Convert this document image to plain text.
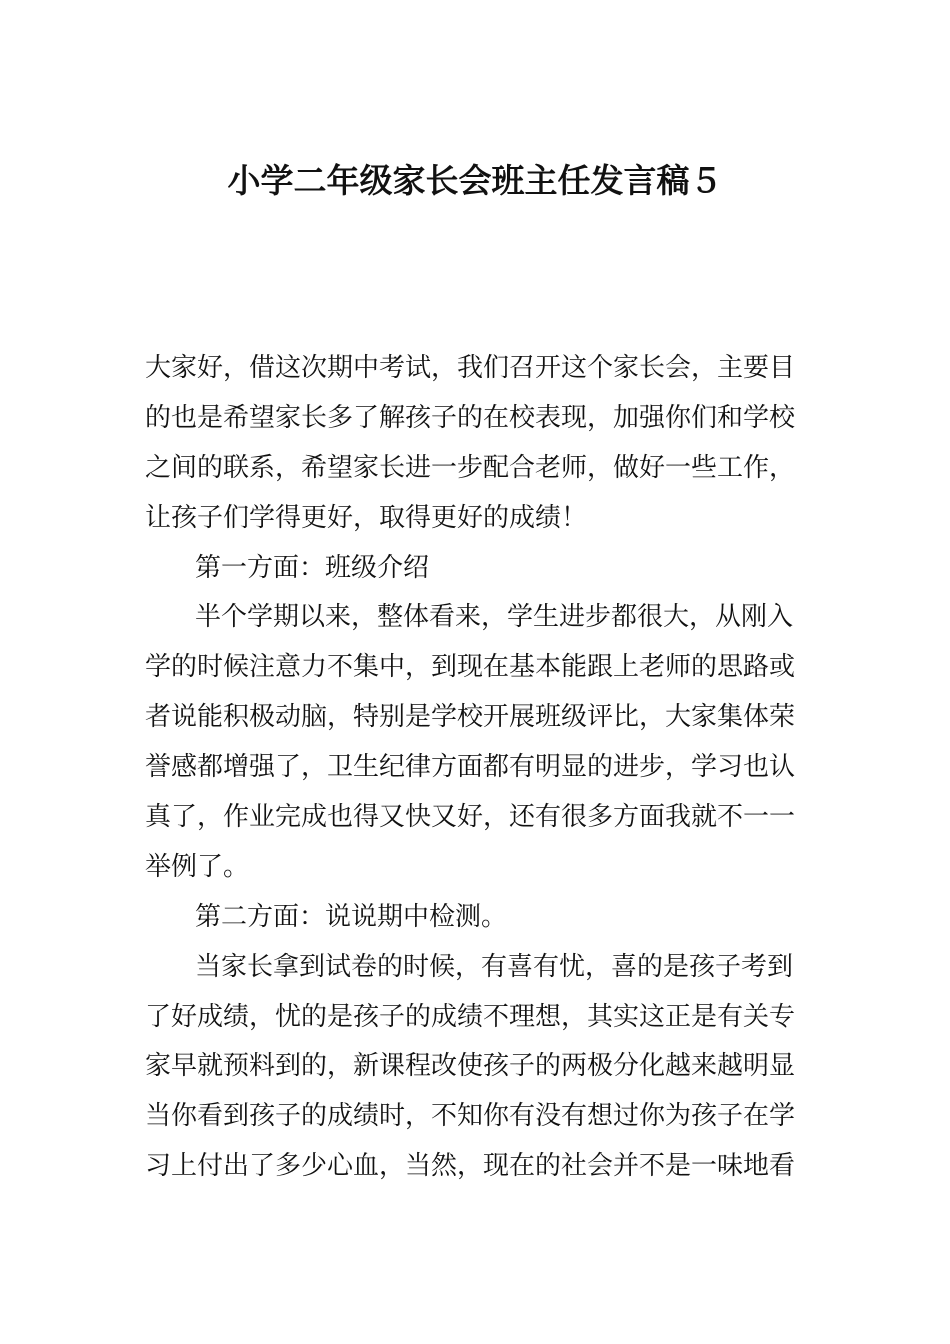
小学二年级家长会班主任发言稿５
大家好，借这次期中考试，我们召开这个家长会，主要目
的也是希望家长多了解孩子的在校表现，加强你们和学校
之间的联系，希望家长进一步配合老师，做好一些工作，
让孩子们学得更好，取得更好的成绩！
第一方面：班级介绍
半个学期以来，整体看来，学生进步都很大，从刚入
学的时候注意力不集中，到现在基本能跟上老师的思路或
者说能积极动脑，特别是学校开展班级评比，大家集体荣
誉感都增强了，卫生纪律方面都有明显的进步，学习也认
真了，作业完成也得又快又好，还有很多方面我就不一一
举例了。
第二方面：说说期中检测。
当家长拿到试卷的时候，有喜有忧，喜的是孩子考到
了好成绩，忧的是孩子的成绩不理想，其实这正是有关专
家早就预料到的，新课程改使孩子的两极分化越来越明显
当你看到孩子的成绩时，不知你有没有想过你为孩子在学
习上付出了多少心血，当然，现在的社会并不是一味地看
